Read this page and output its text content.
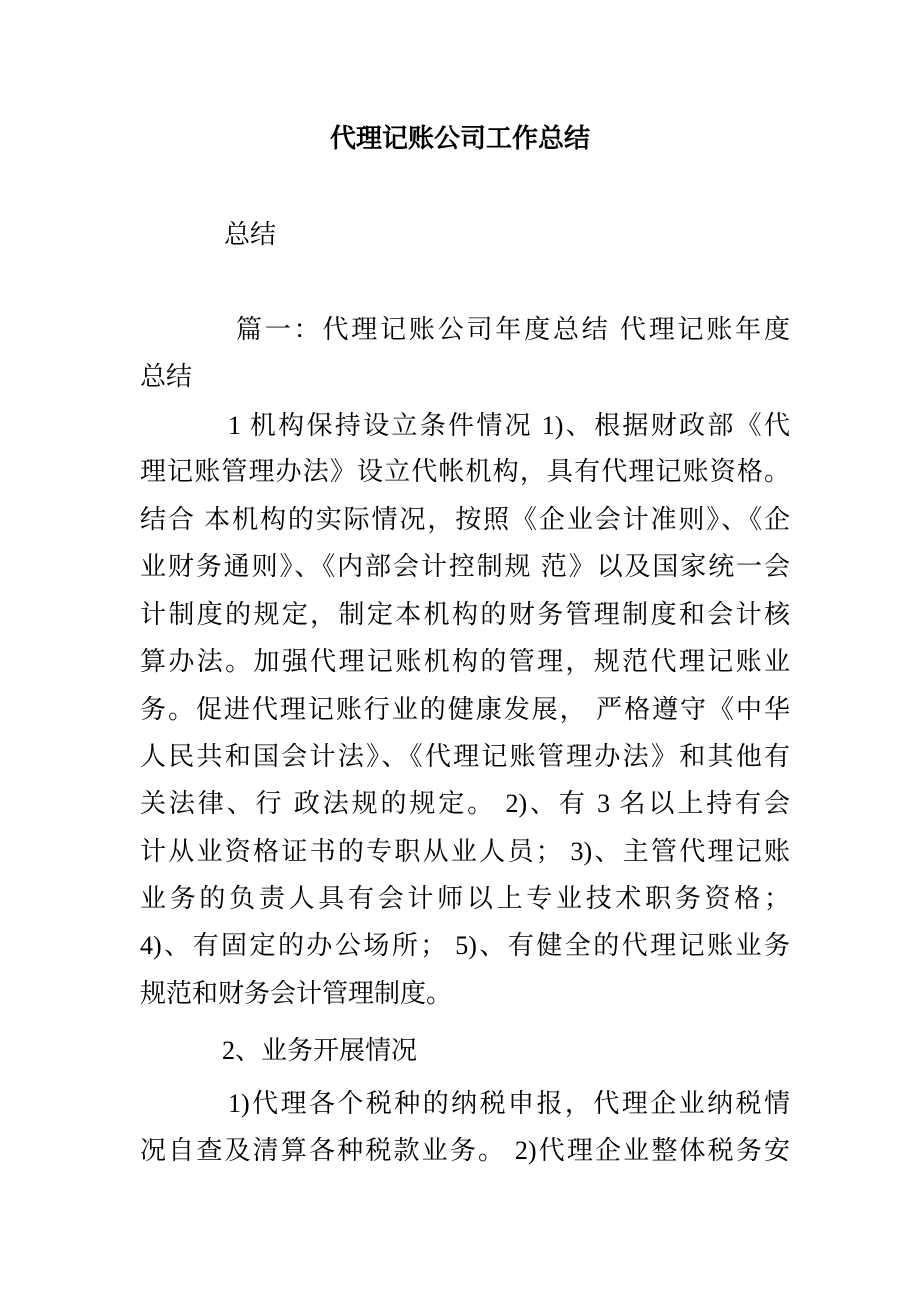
代理记账公司工作总结
总结
篇一：代理记账公司年度总结 代理记账年度
总结
1 机构保持设立条件情况 1)、根据财政部《代
理记账管理办法》设立代帐机构，具有代理记账资格。
结合 本机构的实际情况，按照《企业会计准则》、《企
业财务通则》、《内部会计控制规 范》以及国家统一会
计制度的规定，制定本机构的财务管理制度和会计核
算办法。加强代理记账机构的管理，规范代理记账业
务。促进代理记账行业的健康发展， 严格遵守《中华
人民共和国会计法》、《代理记账管理办法》和其他有
关法律、行 政法规的规定。 2)、有 3 名以上持有会
计从业资格证书的专职从业人员； 3)、主管代理记账
业务的负责人具有会计师以上专业技术职务资格；
4)、有固定的办公场所； 5)、有健全的代理记账业务
规范和财务会计管理制度。
2、业务开展情况
1)代理各个税种的纳税申报，代理企业纳税情
况自查及清算各种税款业务。 2)代理企业整体税务安
